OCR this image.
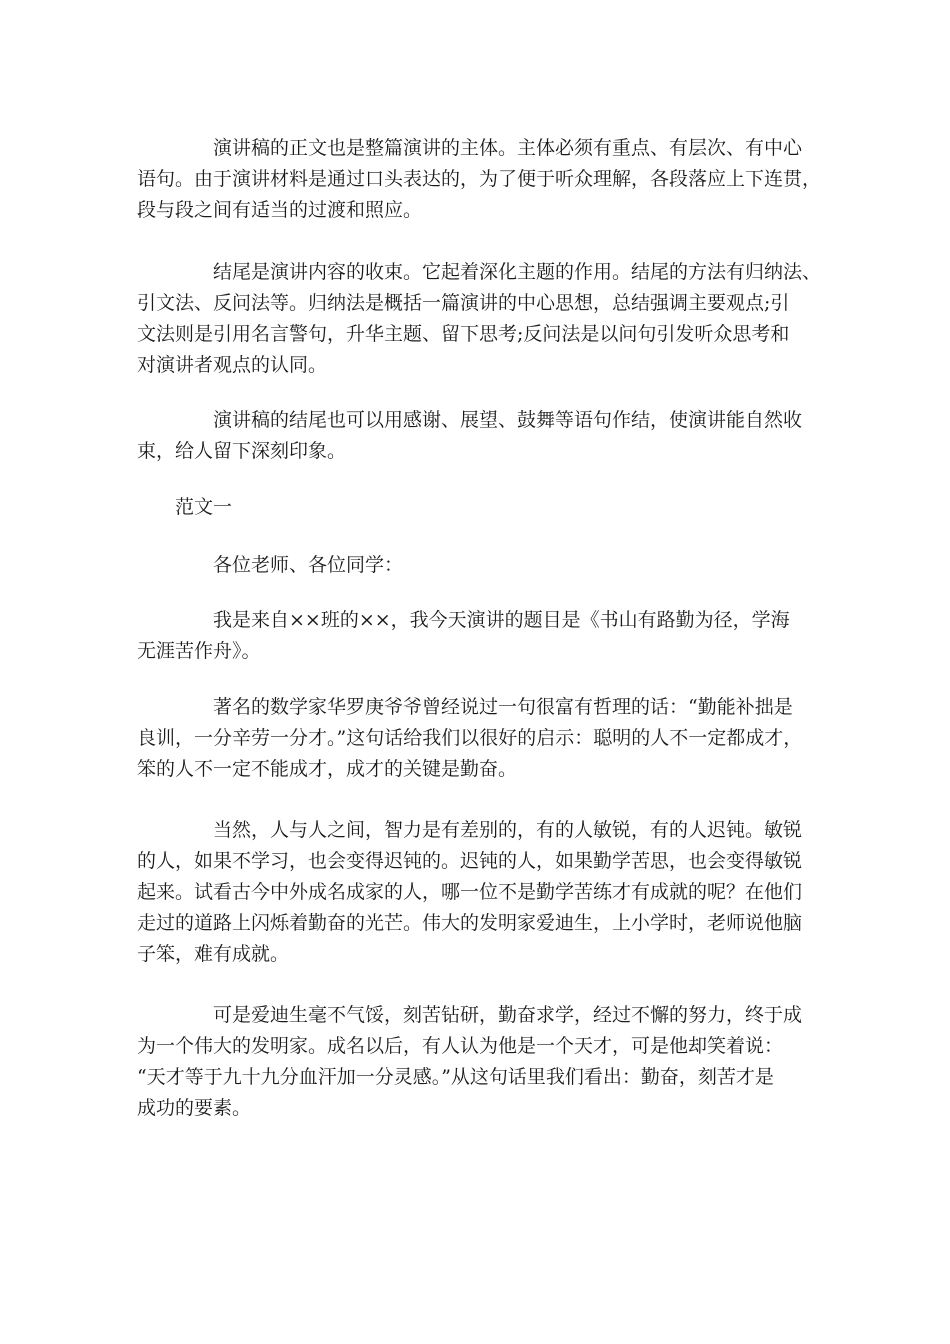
演讲稿的正文也是整篇演讲的主体。主体必须有重点、有层次、有中心
语句。由于演讲材料是通过口头表达的，为了便于听众理解，各段落应上下连贯，
段与段之间有适当的过渡和照应。

结尾是演讲内容的收束。它起着深化主题的作用。结尾的方法有归纳法、
引文法、反问法等。归纳法是概括一篇演讲的中心思想，总结强调主要观点;引
文法则是引用名言警句，升华主题、留下思考;反问法是以问句引发听众思考和
对演讲者观点的认同。

演讲稿的结尾也可以用感谢、展望、鼓舞等语句作结，使演讲能自然收
束，给人留下深刻印象。

范文一

各位老师、各位同学：

我是来自××班的××，我今天演讲的题目是《书山有路勤为径，学海
无涯苦作舟》。

著名的数学家华罗庚爷爷曾经说过一句很富有哲理的话：“勤能补拙是
良训，一分辛劳一分才。”这句话给我们以很好的启示：聪明的人不一定都成才，
笨的人不一定不能成才，成才的关键是勤奋。

当然，人与人之间，智力是有差别的，有的人敏锐，有的人迟钝。敏锐
的人，如果不学习，也会变得迟钝的。迟钝的人，如果勤学苦思，也会变得敏锐
起来。试看古今中外成名成家的人，哪一位不是勤学苦练才有成就的呢？在他们
走过的道路上闪烁着勤奋的光芒。伟大的发明家爱迪生，上小学时，老师说他脑
子笨，难有成就。

可是爱迪生毫不气馁，刻苦钻研，勤奋求学，经过不懈的努力，终于成
为一个伟大的发明家。成名以后，有人认为他是一个天才，可是他却笑着说：
“天才等于九十九分血汗加一分灵感。”从这句话里我们看出：勤奋，刻苦才是
成功的要素。
